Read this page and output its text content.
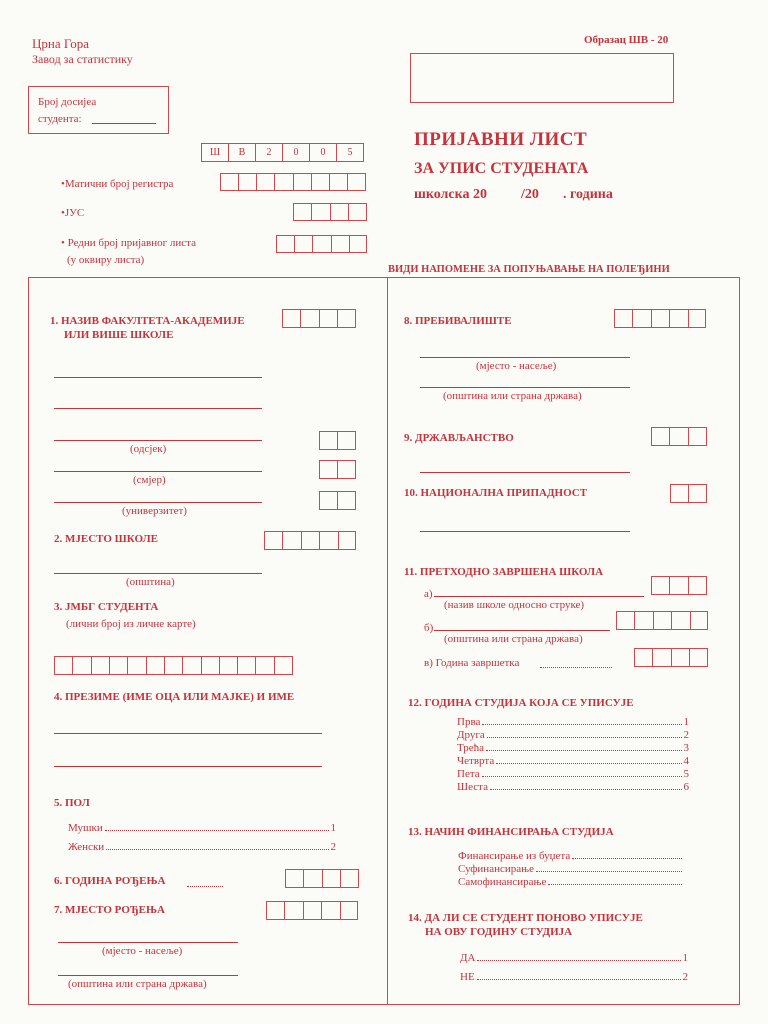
Црна Гора
Завод за статистику
Образац ШВ - 20
Број досијеа
студента:
Ш	В	2	0	0	5
ПРИЈАВНИ ЛИСТ
ЗА УПИС СТУДЕНАТА
школска 20 /20 . година
•Матични број регистра
•ЈУС
• Редни број пријавног листа
(у оквиру листа)
ВИДИ НАПОМЕНЕ ЗА ПОПУЊАВАЊЕ НА ПОЛЕЂИНИ
1. НАЗИВ ФАКУЛТЕТА-АКАДЕМИЈЕ
ИЛИ ВИШЕ ШКОЛЕ
(одсјек)
(смјер)
(универзитет)
2. МЈЕСТО ШКОЛЕ
(општина)
3. ЈМБГ СТУДЕНТА
(лични број из личне карте)
4. ПРЕЗИМЕ (ИМЕ ОЦА ИЛИ МАЈКЕ) И ИМЕ
5. ПОЛ
Мушки	1
Женски	2
6. ГОДИНА РОЂЕЊА
7. МЈЕСТО РОЂЕЊА
(мјесто - насеље)
(општина или страна држава)
8. ПРЕБИВАЛИШТЕ
(мјесто - насеље)
(општина или страна држава)
9. ДРЖАВЉАНСТВО
10. НАЦИОНАЛНА ПРИПАДНОСТ
11. ПРЕТХОДНО ЗАВРШЕНА ШКОЛА
а)
(назив школе односно струке)
б)
(општина или страна држава)
в) Година завршетка
12. ГОДИНА СТУДИЈА КОЈА СЕ УПИСУЈЕ
Прва	1
Друга	2
Трећа	3
Четврта	4
Пета	5
Шеста	6
13. НАЧИН ФИНАНСИРАЊА СТУДИЈА
Финансирање из буџета
Суфинансирање
Самофинансирање
14. ДА ЛИ СЕ СТУДЕНТ ПОНОВО УПИСУЈЕ
НА ОВУ ГОДИНУ СТУДИЈА
ДА	1
НЕ	2
